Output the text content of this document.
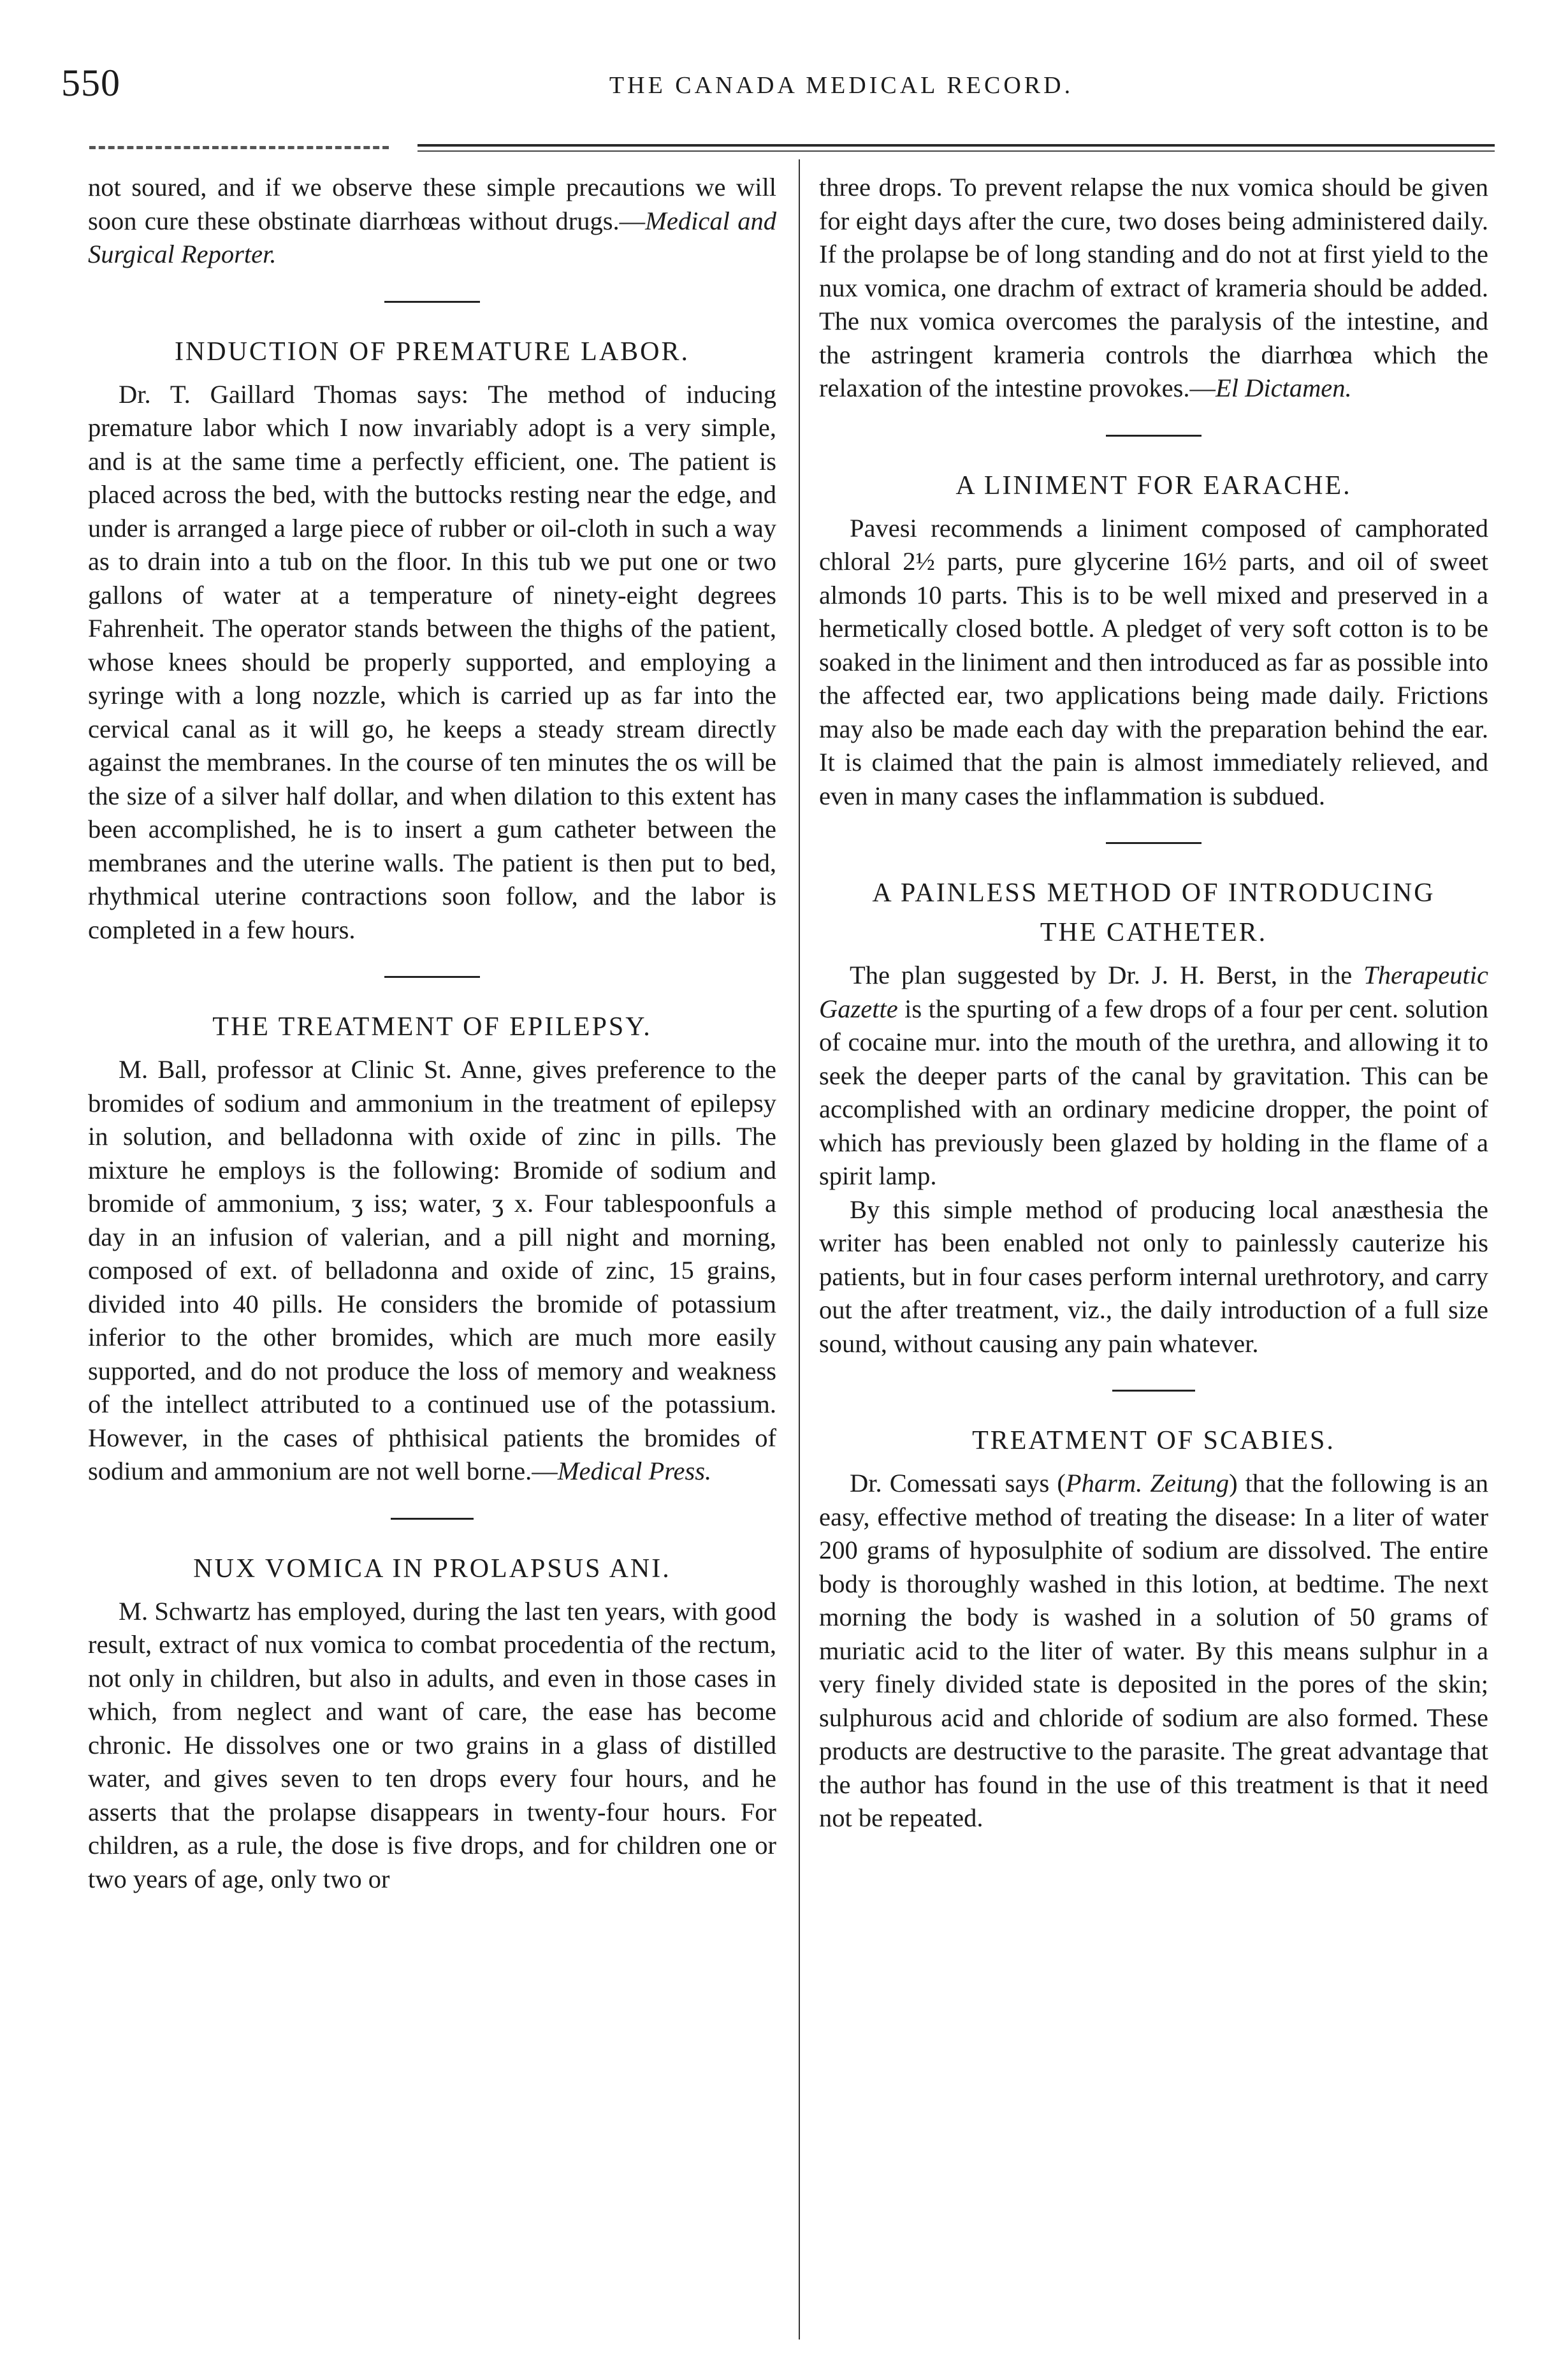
550	THE CANADA MEDICAL RECORD.

not soured, and if we observe these simple precautions we will soon cure these obstinate diarrhœas without drugs.—Medical and Surgical Reporter.

INDUCTION OF PREMATURE LABOR.

Dr. T. Gaillard Thomas says: The method of inducing premature labor which I now invariably adopt is a very simple, and is at the same time a perfectly efficient, one. The patient is placed across the bed, with the buttocks resting near the edge, and under is arranged a large piece of rubber or oil-cloth in such a way as to drain into a tub on the floor. In this tub we put one or two gallons of water at a temperature of ninety-eight degrees Fahrenheit. The operator stands between the thighs of the patient, whose knees should be properly supported, and employing a syringe with a long nozzle, which is carried up as far into the cervical canal as it will go, he keeps a steady stream directly against the membranes. In the course of ten minutes the os will be the size of a silver half dollar, and when dilation to this extent has been accomplished, he is to insert a gum catheter between the membranes and the uterine walls. The patient is then put to bed, rhythmical uterine contractions soon follow, and the labor is completed in a few hours.

THE TREATMENT OF EPILEPSY.

M. Ball, professor at Clinic St. Anne, gives preference to the bromides of sodium and ammonium in the treatment of epilepsy in solution, and belladonna with oxide of zinc in pills. The mixture he employs is the following: Bromide of sodium and bromide of ammonium, ʒ iss; water, ʒ x. Four tablespoonfuls a day in an infusion of valerian, and a pill night and morning, composed of ext. of belladonna and oxide of zinc, 15 grains, divided into 40 pills. He considers the bromide of potassium inferior to the other bromides, which are much more easily supported, and do not produce the loss of memory and weakness of the intellect attributed to a continued use of the potassium. However, in the cases of phthisical patients the bromides of sodium and ammonium are not well borne.—Medical Press.

NUX VOMICA IN PROLAPSUS ANI.

M. Schwartz has employed, during the last ten years, with good result, extract of nux vomica to combat procedentia of the rectum, not only in children, but also in adults, and even in those cases in which, from neglect and want of care, the ease has become chronic. He dissolves one or two grains in a glass of distilled water, and gives seven to ten drops every four hours, and he asserts that the prolapse disappears in twenty-four hours. For children, as a rule, the dose is five drops, and for children one or two years of age, only two or

three drops. To prevent relapse the nux vomica should be given for eight days after the cure, two doses being administered daily. If the prolapse be of long standing and do not at first yield to the nux vomica, one drachm of extract of krameria should be added. The nux vomica overcomes the paralysis of the intestine, and the astringent krameria controls the diarrhœa which the relaxation of the intestine provokes.—El Dictamen.

A LINIMENT FOR EARACHE.

Pavesi recommends a liniment composed of camphorated chloral 2½ parts, pure glycerine 16½ parts, and oil of sweet almonds 10 parts. This is to be well mixed and preserved in a hermetically closed bottle. A pledget of very soft cotton is to be soaked in the liniment and then introduced as far as possible into the affected ear, two applications being made daily. Frictions may also be made each day with the preparation behind the ear. It is claimed that the pain is almost immediately relieved, and even in many cases the inflammation is subdued.

A PAINLESS METHOD OF INTRODUCING
THE CATHETER.

The plan suggested by Dr. J. H. Berst, in the Therapeutic Gazette is the spurting of a few drops of a four per cent. solution of cocaine mur. into the mouth of the urethra, and allowing it to seek the deeper parts of the canal by gravitation. This can be accomplished with an ordinary medicine dropper, the point of which has previously been glazed by holding in the flame of a spirit lamp.

By this simple method of producing local anæsthesia the writer has been enabled not only to painlessly cauterize his patients, but in four cases perform internal urethrotory, and carry out the after treatment, viz., the daily introduction of a full size sound, without causing any pain whatever.

TREATMENT OF SCABIES.

Dr. Comessati says (Pharm. Zeitung) that the following is an easy, effective method of treating the disease: In a liter of water 200 grams of hyposulphite of sodium are dissolved. The entire body is thoroughly washed in this lotion, at bedtime. The next morning the body is washed in a solution of 50 grams of muriatic acid to the liter of water. By this means sulphur in a very finely divided state is deposited in the pores of the skin; sulphurous acid and chloride of sodium are also formed. These products are destructive to the parasite. The great advantage that the author has found in the use of this treatment is that it need not be repeated.
